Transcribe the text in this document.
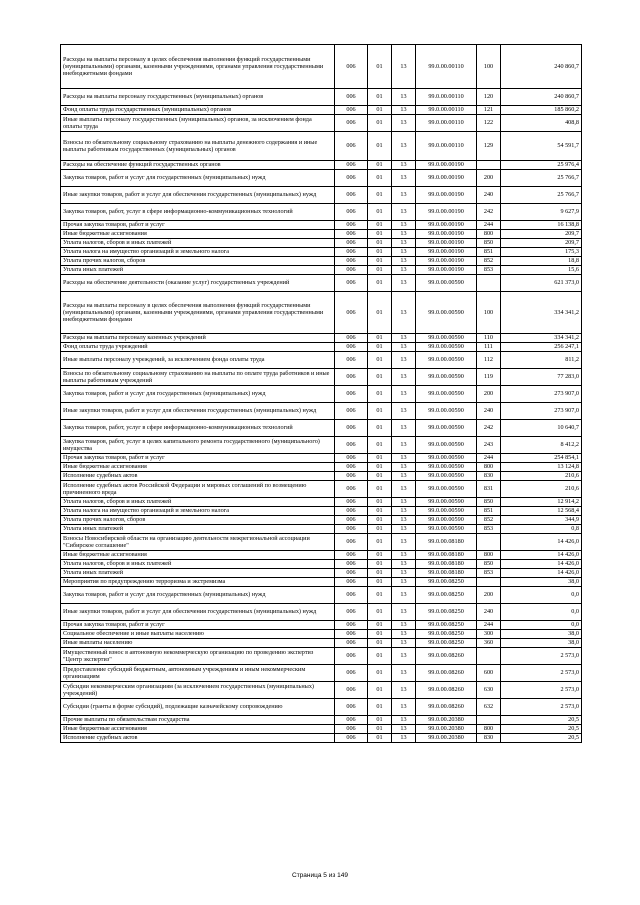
Расходы на выплаты персоналу в целях обеспечения выполнения функций государственными (муниципальными) органами, казенными учреждениями, органами управления государственными внебюджетными фондами	006	01	13	99.0.00.00110	100	240 860,7
Расходы на выплаты персоналу государственных (муниципальных) органов	006	01	13	99.0.00.00110	120	240 860,7
Фонд оплаты труда государственных (муниципальных) органов	006	01	13	99.0.00.00110	121	185 860,2
Иные выплаты персоналу государственных (муниципальных) органов, за исключением фонда оплаты труда	006	01	13	99.0.00.00110	122	408,8
Взносы по обязательному социальному страхованию на выплаты денежного содержания и иные выплаты работникам государственных (муниципальных) органов	006	01	13	99.0.00.00110	129	54 591,7
Расходы на обеспечение функций государственных органов	006	01	13	99.0.00.00190		25 976,4
Закупка товаров, работ и услуг для государственных (муниципальных) нужд	006	01	13	99.0.00.00190	200	25 766,7
Иные закупки товаров, работ и услуг для обеспечения государственных (муниципальных) нужд	006	01	13	99.0.00.00190	240	25 766,7
Закупка товаров, работ, услуг в сфере информационно-коммуникационных технологий	006	01	13	99.0.00.00190	242	9 627,9
Прочая закупка товаров, работ и услуг	006	01	13	99.0.00.00190	244	16 138,8
Иные бюджетные ассигнования	006	01	13	99.0.00.00190	800	209,7
Уплата налогов, сборов и иных платежей	006	01	13	99.0.00.00190	850	209,7
Уплата налога на имущество организаций и земельного налога	006	01	13	99.0.00.00190	851	175,3
Уплата прочих налогов, сборов	006	01	13	99.0.00.00190	852	18,8
Уплата иных платежей	006	01	13	99.0.00.00190	853	15,6
Расходы на обеспечение деятельности (оказание услуг) государственных учреждений	006	01	13	99.0.00.00590		621 373,0
Расходы на выплаты персоналу в целях обеспечения выполнения функций государственными (муниципальными) органами, казенными учреждениями, органами управления государственными внебюджетными фондами	006	01	13	99.0.00.00590	100	334 341,2
Расходы на выплаты персоналу казенных учреждений	006	01	13	99.0.00.00590	110	334 341,2
Фонд оплаты труда учреждений	006	01	13	99.0.00.00590	111	256 247,1
Иные выплаты персоналу учреждений, за исключением фонда оплаты труда	006	01	13	99.0.00.00590	112	811,2
Взносы по обязательному социальному страхованию на выплаты по оплате труда работников и иные выплаты работникам учреждений	006	01	13	99.0.00.00590	119	77 283,0
Закупка товаров, работ и услуг для государственных (муниципальных) нужд	006	01	13	99.0.00.00590	200	273 907,0
Иные закупки товаров, работ и услуг для обеспечения государственных (муниципальных) нужд	006	01	13	99.0.00.00590	240	273 907,0
Закупка товаров, работ, услуг в сфере информационно-коммуникационных технологий	006	01	13	99.0.00.00590	242	10 640,7
Закупка товаров, работ, услуг в целях капитального ремонта государственного (муниципального) имущества	006	01	13	99.0.00.00590	243	8 412,2
Прочая закупка товаров, работ и услуг	006	01	13	99.0.00.00590	244	254 854,1
Иные бюджетные ассигнования	006	01	13	99.0.00.00590	800	13 124,8
Исполнение судебных актов	006	01	13	99.0.00.00590	830	210,6
Исполнение судебных актов Российской Федерации и мировых соглашений по возмещению причиненного вреда	006	01	13	99.0.00.00590	831	210,6
Уплата налогов, сборов и иных платежей	006	01	13	99.0.00.00590	850	12 914,2
Уплата налога на имущество организаций и земельного налога	006	01	13	99.0.00.00590	851	12 568,4
Уплата прочих налогов, сборов	006	01	13	99.0.00.00590	852	344,9
Уплата иных платежей	006	01	13	99.0.00.00590	853	0,8
Взносы Новосибирской области на организацию деятельности межрегиональной ассоциации "Сибирское соглашение"	006	01	13	99.0.00.08180		14 426,0
Иные бюджетные ассигнования	006	01	13	99.0.00.08180	800	14 426,0
Уплата налогов, сборов и иных платежей	006	01	13	99.0.00.08180	850	14 426,0
Уплата иных платежей	006	01	13	99.0.00.08180	853	14 426,0
Мероприятия по предупреждению терроризма и экстремизма	006	01	13	99.0.00.08250		38,0
Закупка товаров, работ и услуг для государственных (муниципальных) нужд	006	01	13	99.0.00.08250	200	0,0
Иные закупки товаров, работ и услуг для обеспечения государственных (муниципальных) нужд	006	01	13	99.0.00.08250	240	0,0
Прочая закупка товаров, работ и услуг	006	01	13	99.0.00.08250	244	0,0
Социальное обеспечение и иные выплаты населению	006	01	13	99.0.00.08250	300	38,0
Иные выплаты населению	006	01	13	99.0.00.08250	360	38,0
Имущественный взнос в автономную некоммерческую организацию по проведению экспертиз "Центр экспертиз"	006	01	13	99.0.00.08260		2 573,0
Предоставление субсидий бюджетным, автономным учреждениям и иным некоммерческим организациям	006	01	13	99.0.00.08260	600	2 573,0
Субсидии некоммерческим организациям (за исключением государственных (муниципальных) учреждений)	006	01	13	99.0.00.08260	630	2 573,0
Субсидии (гранты в форме субсидий), подлежащие казначейскому сопровождению	006	01	13	99.0.00.08260	632	2 573,0
Прочие выплаты по обязательствам государства	006	01	13	99.0.00.20380		20,5
Иные бюджетные ассигнования	006	01	13	99.0.00.20380	800	20,5
Исполнение судебных актов	006	01	13	99.0.00.20380	830	20,5
Страница 5 из 149
